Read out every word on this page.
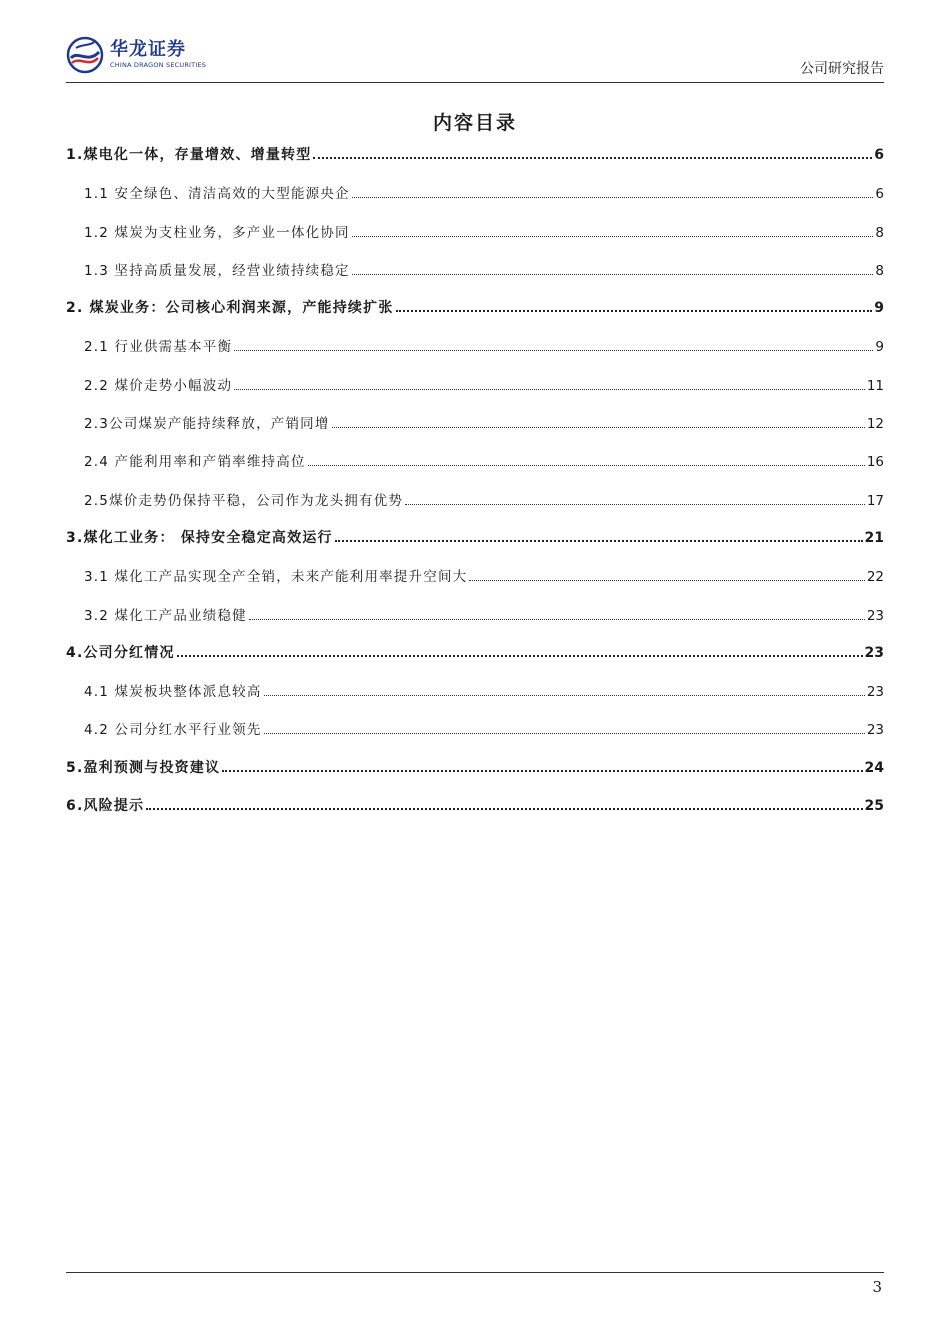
华龙证券
CHINA DRAGON SECURITIES	公司研究报告
内容目录
1.煤电化一体，存量增效、增量转型	6
1.1 安全绿色、清洁高效的大型能源央企	6
1.2 煤炭为支柱业务，多产业一体化协同	8
1.3 坚持高质量发展，经营业绩持续稳定	8
2. 煤炭业务：公司核心利润来源，产能持续扩张	9
2.1 行业供需基本平衡	9
2.2 煤价走势小幅波动	11
2.3公司煤炭产能持续释放，产销同增	12
2.4 产能利用率和产销率维持高位	16
2.5煤价走势仍保持平稳，公司作为龙头拥有优势	17
3.煤化工业务： 保持安全稳定高效运行	21
3.1 煤化工产品实现全产全销，未来产能利用率提升空间大	22
3.2 煤化工产品业绩稳健	23
4.公司分红情况	23
4.1 煤炭板块整体派息较高	23
4.2 公司分红水平行业领先	23
5.盈利预测与投资建议	24
6.风险提示	25
3
